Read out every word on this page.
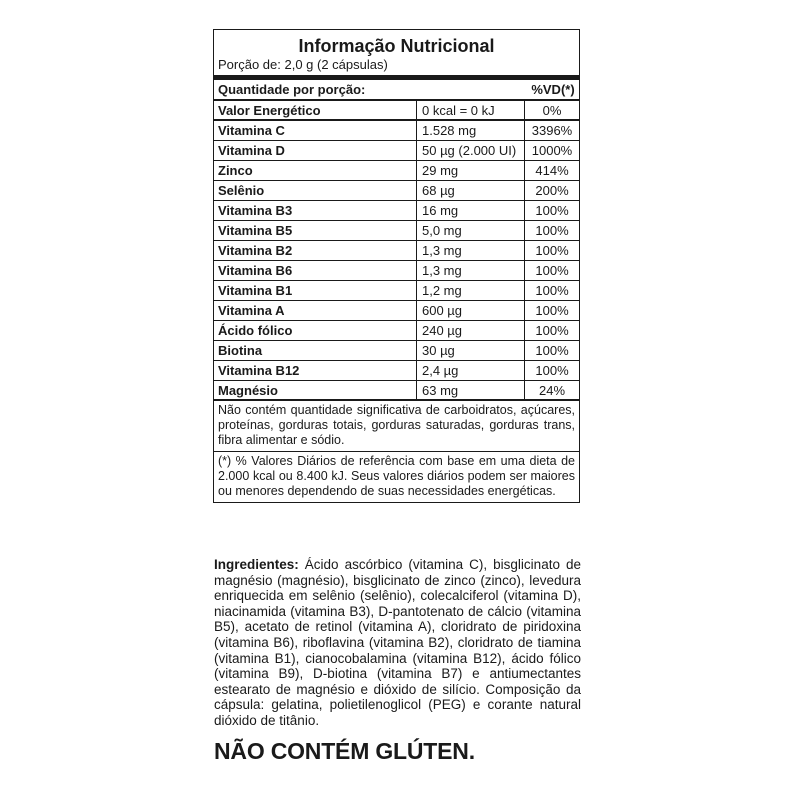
Informação Nutricional
Porção de: 2,0 g (2 cápsulas)
Quantidade por porção:	%VD(*)
Valor Energético	0 kcal = 0 kJ	0%
Vitamina C	1.528 mg	3396%
Vitamina D	50 µg (2.000 UI)	1000%
Zinco	29 mg	414%
Selênio	68 µg	200%
Vitamina B3	16 mg	100%
Vitamina B5	5,0 mg	100%
Vitamina B2	1,3 mg	100%
Vitamina B6	1,3 mg	100%
Vitamina B1	1,2 mg	100%
Vitamina A	600 µg	100%
Ácido fólico	240 µg	100%
Biotina	30 µg	100%
Vitamina B12	2,4 µg	100%
Magnésio	63 mg	24%
Não contém quantidade significativa de carboidratos, açúcares, proteínas, gorduras totais, gorduras saturadas, gorduras trans, fibra alimentar e sódio.
(*) % Valores Diários de referência com base em uma dieta de 2.000 kcal ou 8.400 kJ. Seus valores diários podem ser maiores ou menores dependendo de suas necessidades energéticas.
Ingredientes: Ácido ascórbico (vitamina C), bisglicinato de magnésio (magnésio), bisglicinato de zinco (zinco), levedura enriquecida em selênio (selênio), colecalciferol (vitamina D), niacinamida (vitamina B3), D-pantotenato de cálcio (vitamina B5), acetato de retinol (vitamina A), cloridrato de piridoxina (vitamina B6), riboflavina (vitamina B2), cloridrato de tiamina (vitamina B1), cianocobalamina (vitamina B12), ácido fólico (vitamina B9), D-biotina (vitamina B7) e antiumectantes estearato de magnésio e dióxido de silício. Composição da cápsula: gelatina, polietilenoglicol (PEG) e corante natural dióxido de titânio.
NÃO CONTÉM GLÚTEN.
